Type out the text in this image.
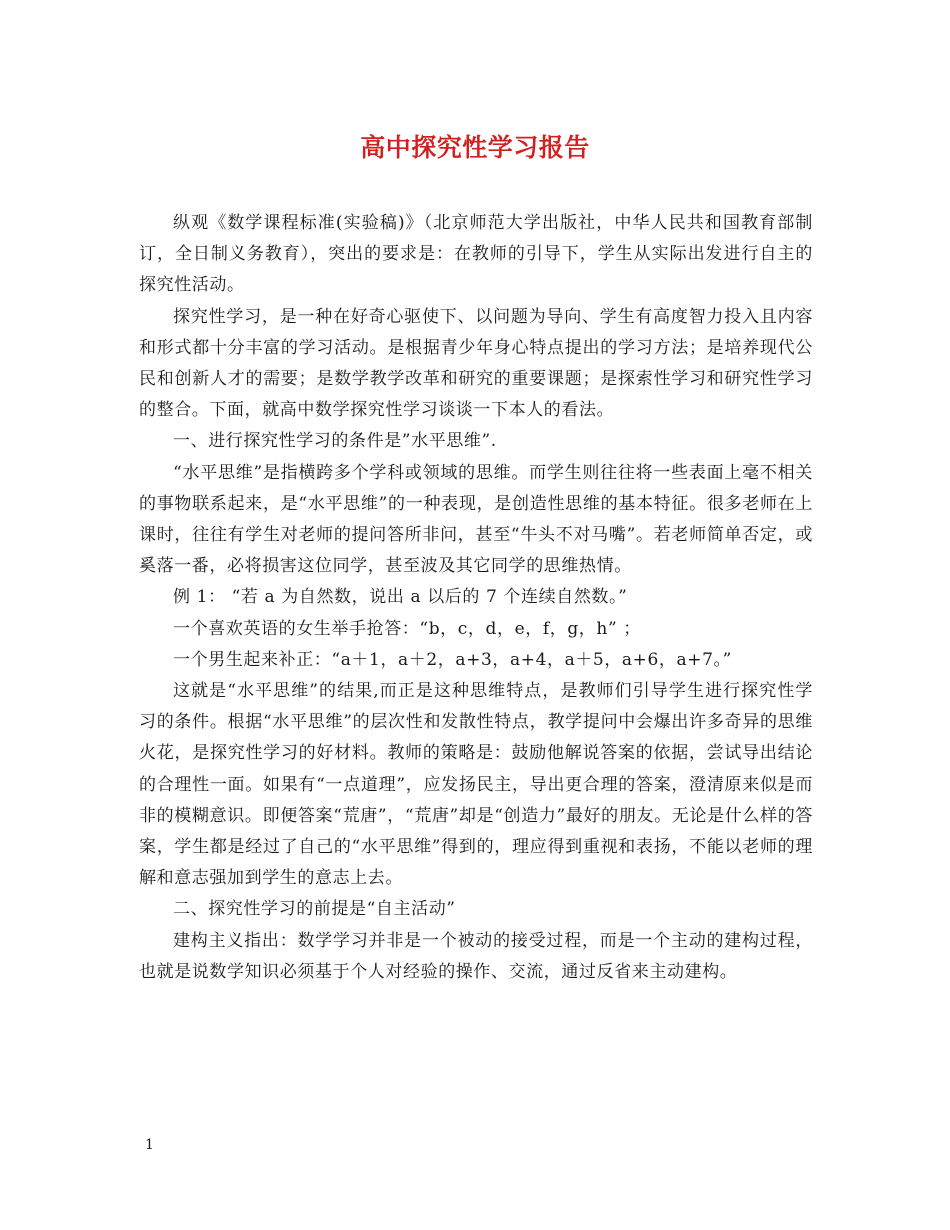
高中探究性学习报告

纵观《数学课程标准(实验稿)》（北京师范大学出版社，中华人民共和国教育部制订，全日制义务教育），突出的要求是：在教师的引导下，学生从实际出发进行自主的探究性活动。

探究性学习，是一种在好奇心驱使下、以问题为导向、学生有高度智力投入且内容和形式都十分丰富的学习活动。是根据青少年身心特点提出的学习方法；是培养现代公民和创新人才的需要；是数学教学改革和研究的重要课题；是探索性学习和研究性学习的整合。下面，就高中数学探究性学习谈谈一下本人的看法。

一、进行探究性学习的条件是”水平思维”.

“水平思维”是指横跨多个学科或领域的思维。而学生则往往将一些表面上毫不相关的事物联系起来，是“水平思维”的一种表现，是创造性思维的基本特征。很多老师在上课时，往往有学生对老师的提问答所非问，甚至“牛头不对马嘴”。若老师简单否定，或奚落一番，必将损害这位同学，甚至波及其它同学的思维热情。

例 1： “若 a 为自然数，说出 a 以后的 7 个连续自然数。”

一个喜欢英语的女生举手抢答：“b，c，d，e，f，g，h” ；

一个男生起来补正：“a＋1，a＋2，a+3，a+4，a＋5，a+6，a+7。”

这就是“水平思维”的结果,而正是这种思维特点，是教师们引导学生进行探究性学习的条件。根据“水平思维”的层次性和发散性特点，教学提问中会爆出许多奇异的思维火花，是探究性学习的好材料。教师的策略是：鼓励他解说答案的依据，尝试导出结论的合理性一面。如果有“一点道理”，应发扬民主，导出更合理的答案，澄清原来似是而非的模糊意识。即便答案“荒唐”，“荒唐”却是“创造力”最好的朋友。无论是什么样的答案，学生都是经过了自己的“水平思维”得到的，理应得到重视和表扬，不能以老师的理解和意志强加到学生的意志上去。

二、探究性学习的前提是“自主活动”

建构主义指出：数学学习并非是一个被动的接受过程，而是一个主动的建构过程，也就是说数学知识必须基于个人对经验的操作、交流，通过反省来主动建构。

1
